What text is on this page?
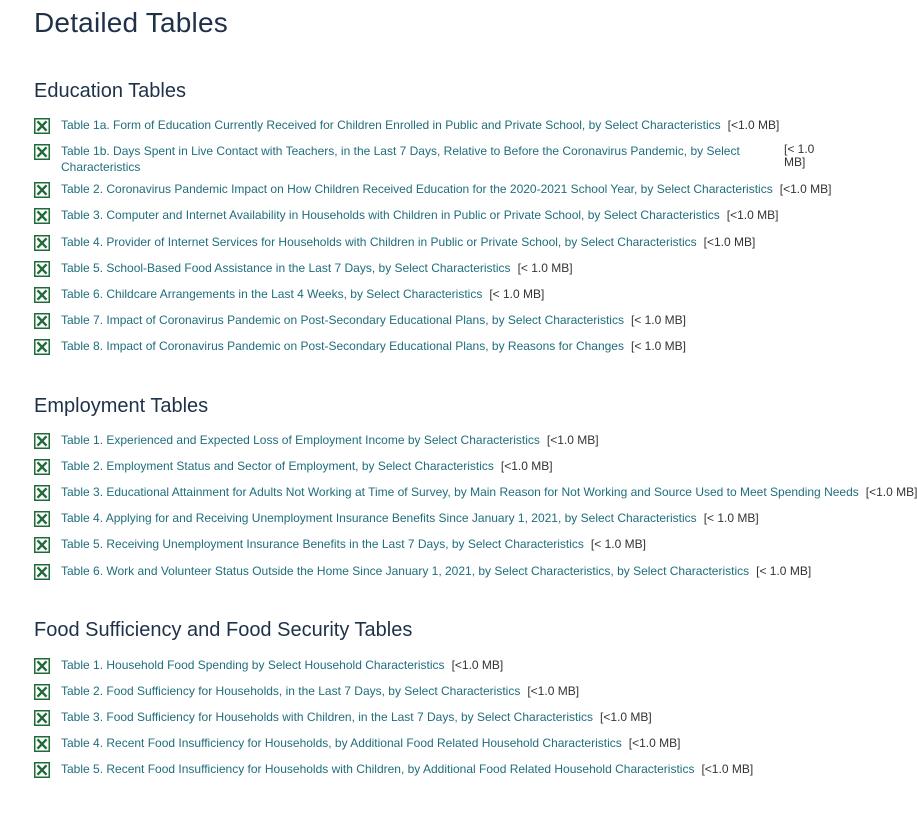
Detailed Tables
Education Tables
Table 1a. Form of Education Currently Received for Children Enrolled in Public and Private School, by Select Characteristics [<1.0 MB]
Table 1b. Days Spent in Live Contact with Teachers, in the Last 7 Days, Relative to Before the Coronavirus Pandemic, by Select Characteristics
[< 1.0 MB]
Table 2. Coronavirus Pandemic Impact on How Children Received Education for the 2020-2021 School Year, by Select Characteristics [<1.0 MB]
Table 3. Computer and Internet Availability in Households with Children in Public or Private School, by Select Characteristics [<1.0 MB]
Table 4. Provider of Internet Services for Households with Children in Public or Private School, by Select Characteristics [<1.0 MB]
Table 5. School-Based Food Assistance in the Last 7 Days, by Select Characteristics [< 1.0 MB]
Table 6. Childcare Arrangements in the Last 4 Weeks, by Select Characteristics [< 1.0 MB]
Table 7. Impact of Coronavirus Pandemic on Post-Secondary Educational Plans, by Select Characteristics [< 1.0 MB]
Table 8. Impact of Coronavirus Pandemic on Post-Secondary Educational Plans, by Reasons for Changes [< 1.0 MB]
Employment Tables
Table 1. Experienced and Expected Loss of Employment Income by Select Characteristics [<1.0 MB]
Table 2. Employment Status and Sector of Employment, by Select Characteristics [<1.0 MB]
Table 3. Educational Attainment for Adults Not Working at Time of Survey, by Main Reason for Not Working and Source Used to Meet Spending Needs [<1.0 MB]
Table 4. Applying for and Receiving Unemployment Insurance Benefits Since January 1, 2021, by Select Characteristics [< 1.0 MB]
Table 5. Receiving Unemployment Insurance Benefits in the Last 7 Days, by Select Characteristics [< 1.0 MB]
Table 6. Work and Volunteer Status Outside the Home Since January 1, 2021, by Select Characteristics, by Select Characteristics [< 1.0 MB]
Food Sufficiency and Food Security Tables
Table 1. Household Food Spending by Select Household Characteristics [<1.0 MB]
Table 2. Food Sufficiency for Households, in the Last 7 Days, by Select Characteristics [<1.0 MB]
Table 3. Food Sufficiency for Households with Children, in the Last 7 Days, by Select Characteristics [<1.0 MB]
Table 4. Recent Food Insufficiency for Households, by Additional Food Related Household Characteristics [<1.0 MB]
Table 5. Recent Food Insufficiency for Households with Children, by Additional Food Related Household Characteristics [<1.0 MB]
